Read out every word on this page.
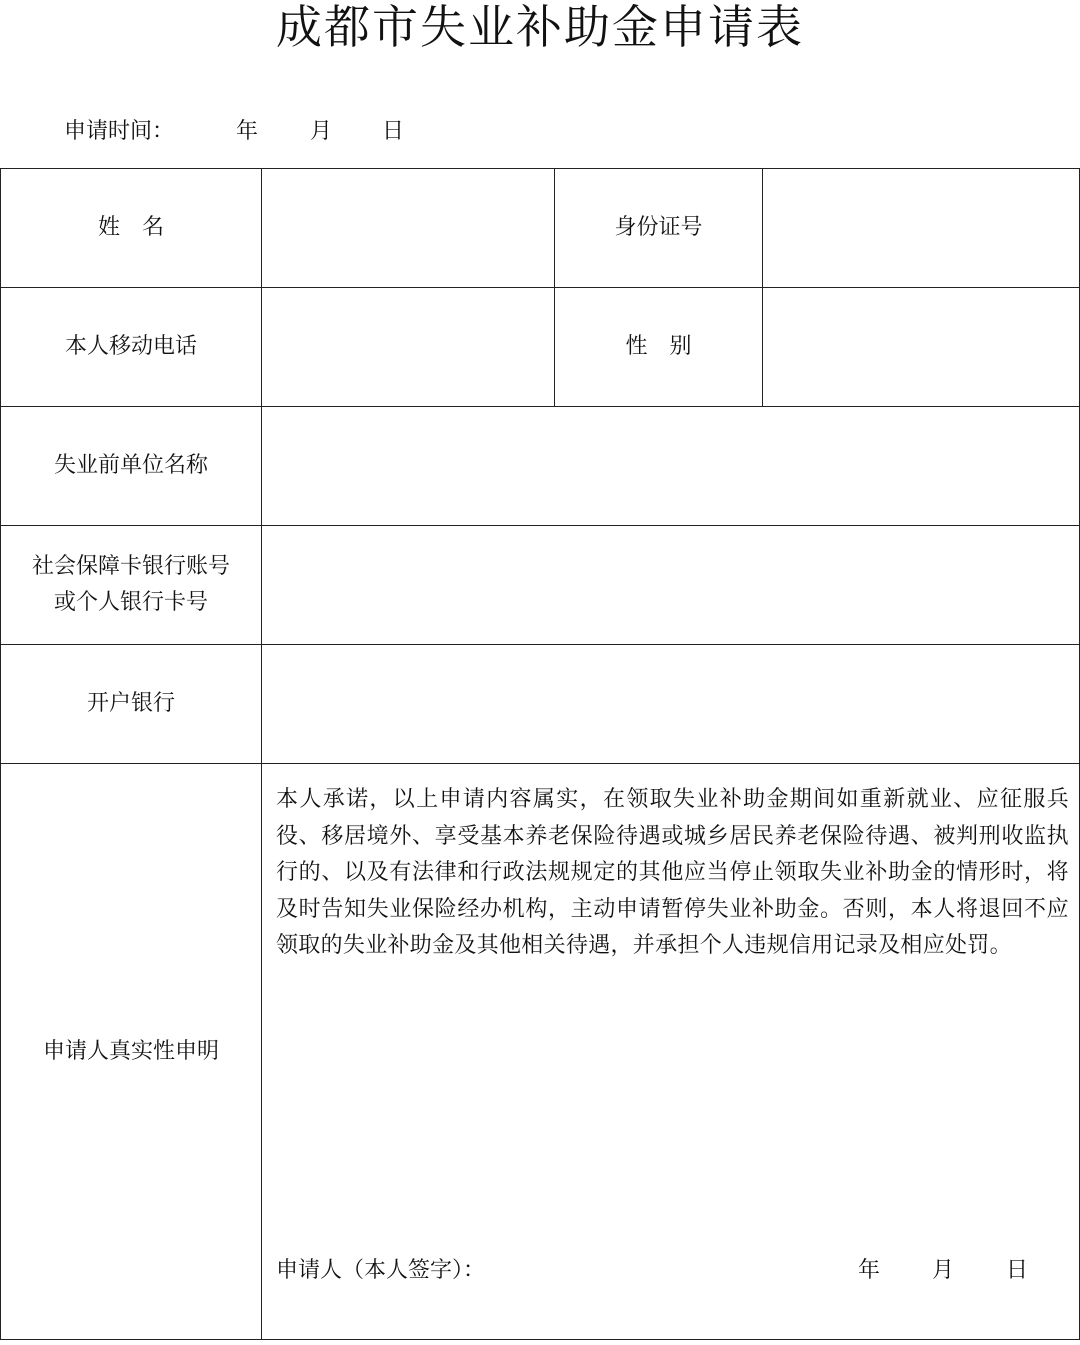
成都市失业补助金申请表
申请时间：	年 月 日
姓　名		身份证号	
本人移动电话		性　别	
失业前单位名称			

社会保障卡银行账号
或个人银行卡号			

开户银行			
申请人真实性申明	本人承诺，以上申请内容属实，在领取失业补助金期间如重新就业、应征服兵役、移居境外、享受基本养老保险待遇或城乡居民养老保险待遇、被判刑收监执行的、以及有法律和行政法规规定的其他应当停止领取失业补助金的情形时，将及时告知失业保险经办机构，主动申请暂停失业补助金。否则，本人将退回不应领取的失业补助金及其他相关待遇，并承担个人违规信用记录及相应处罚。
申请人（本人签字）： 年 月 日		
